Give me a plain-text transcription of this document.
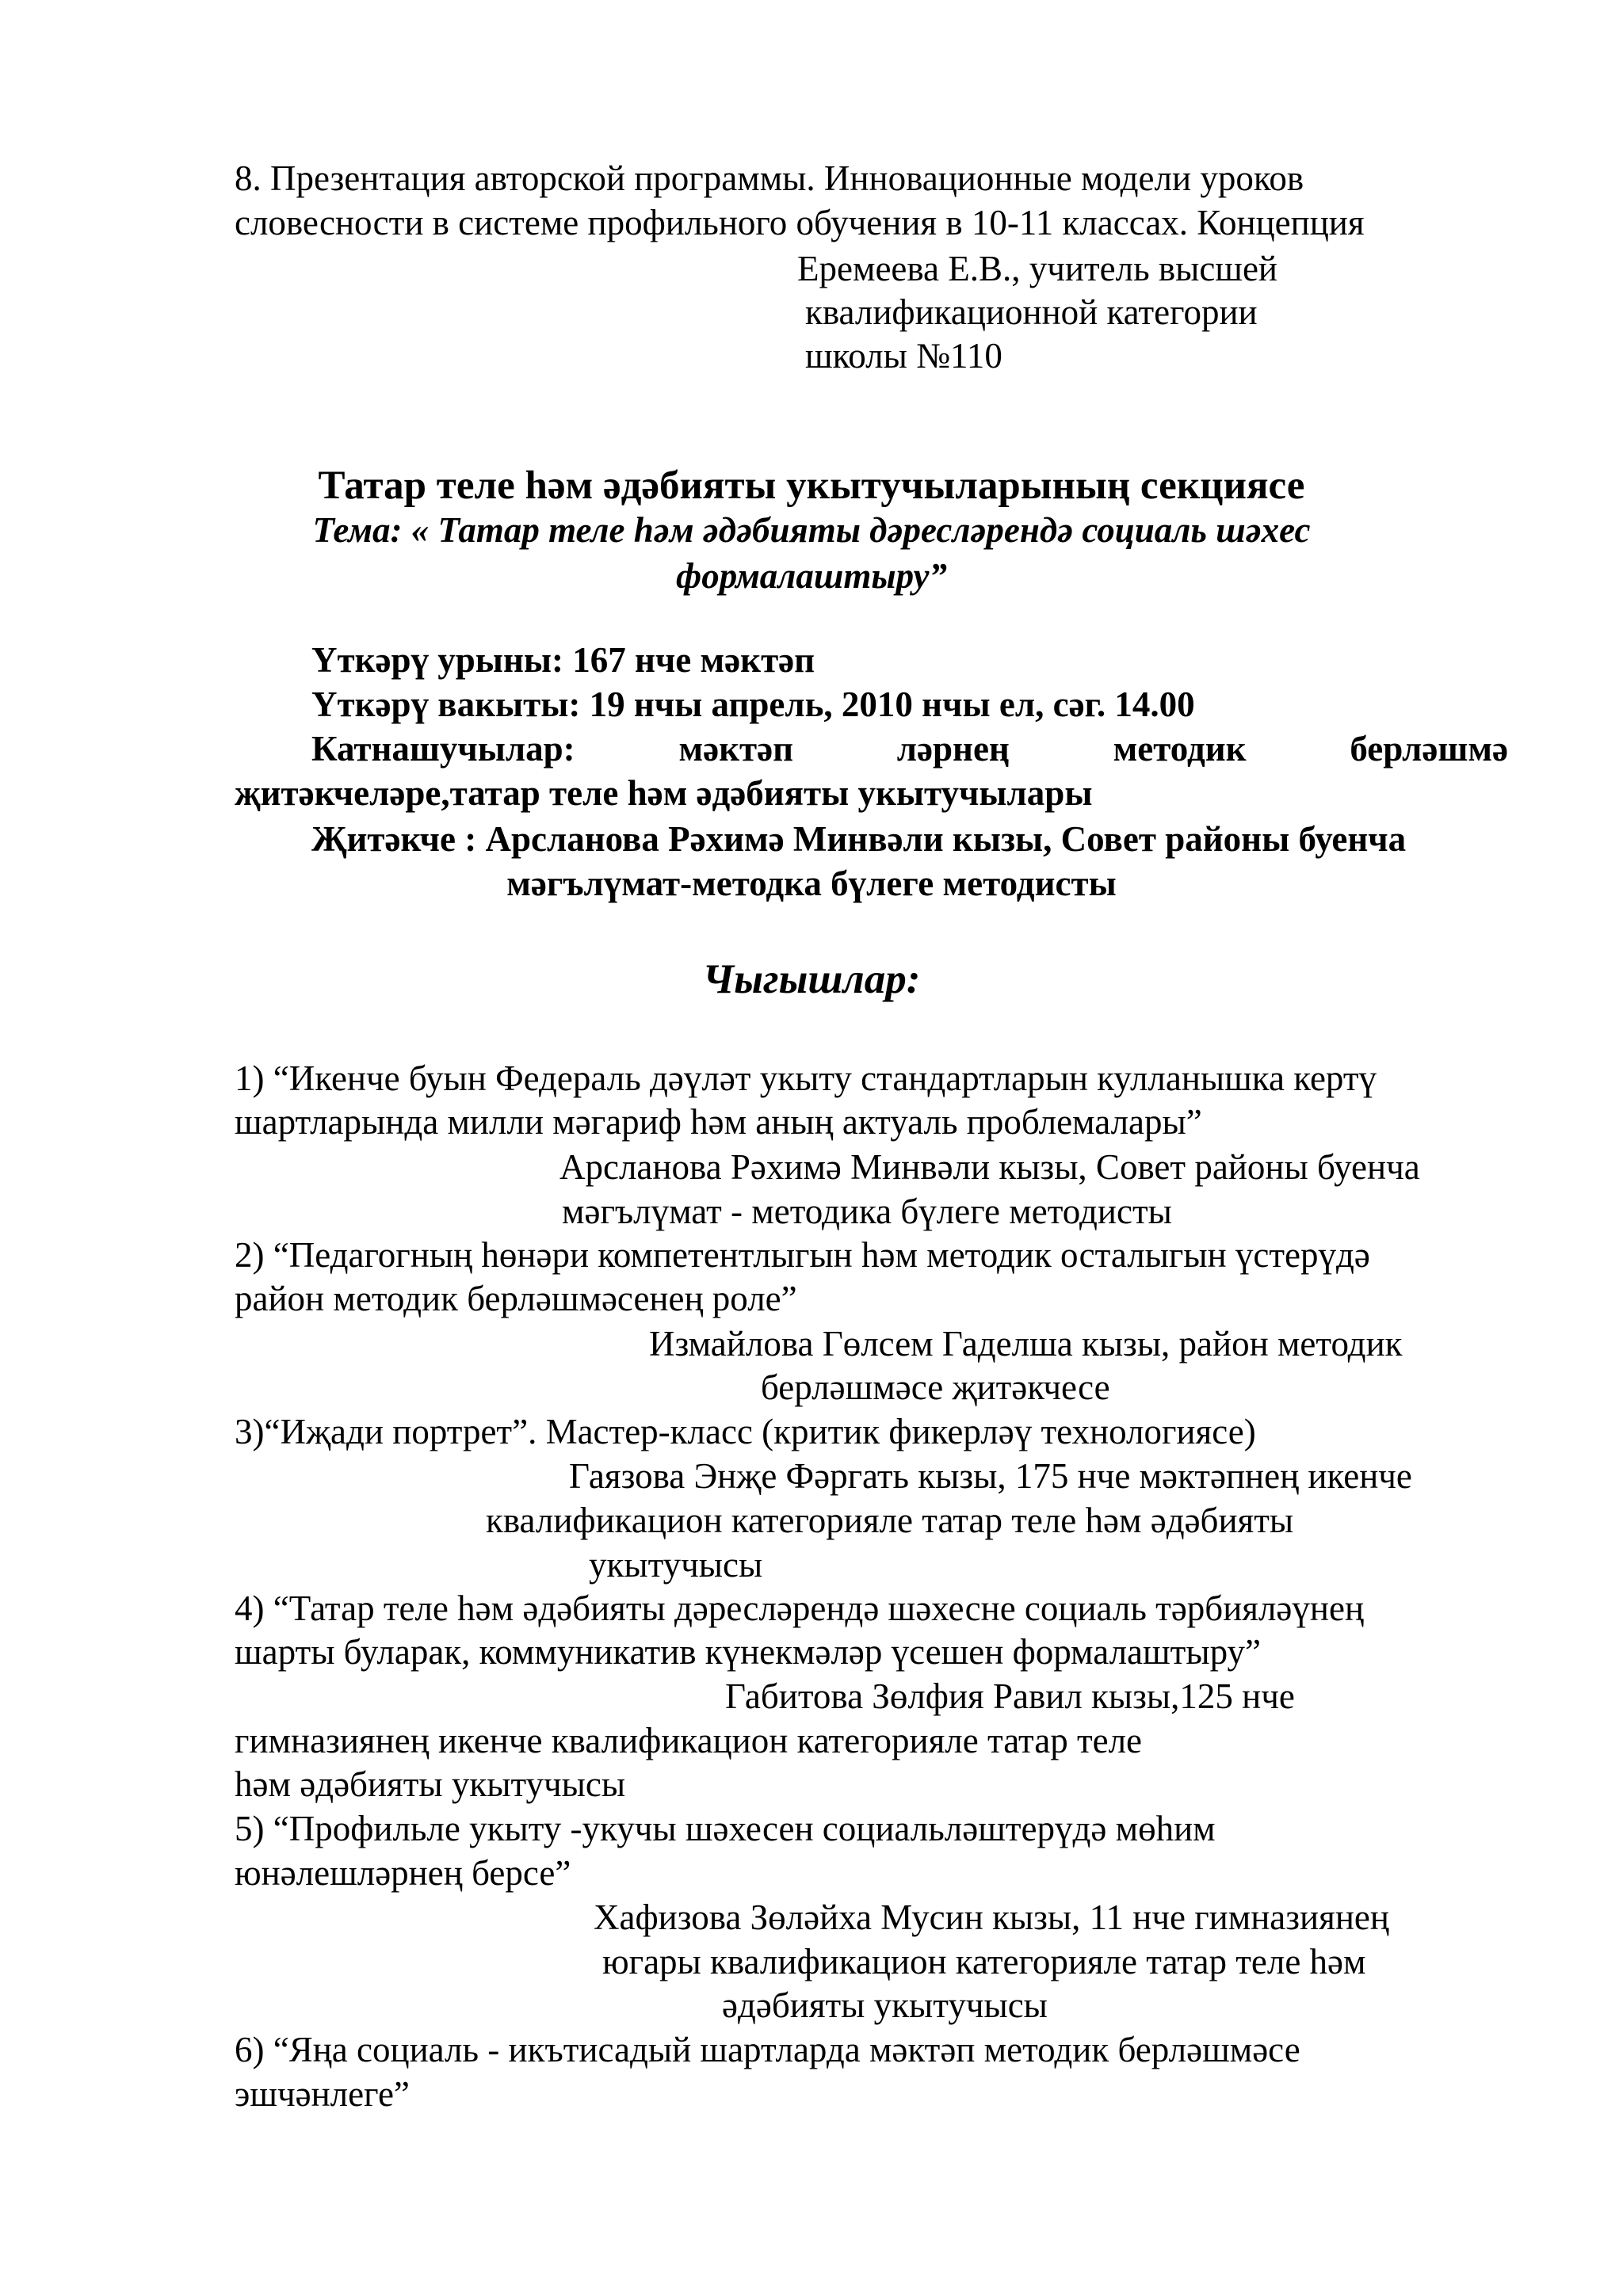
8. Презентация авторской программы. Инновационные модели уроков
словесности в системе профильного обучения в 10-11 классах. Концепция
Еремеева Е.В., учитель высшей
квалификационной категории
школы №110
Татар теле һәм әдәбияты укытучыларының секциясе
Тема: « Татар теле һәм әдәбияты дәресләрендә социаль шәхес
формалаштыру”
Үткәрү урыны: 167 нче мәктәп
Үткәрү вакыты: 19 нчы апрель, 2010 нчы ел, сәг. 14.00
Катнашучылар:	мәктәп	ләрнең	методик	берләшмә
җитәкчеләре,татар теле һәм әдәбияты укытучылары
Җитәкче : Арсланова Рәхимә Минвәли кызы, Совет районы буенча
мәгълүмат-методка бүлеге методисты
Чыгышлар:
1) “Икенче буын Федераль дәүләт укыту стандартларын кулланышка кертү
шартларында милли мәгариф һәм аның актуаль проблемалары”
Арсланова Рәхимә Минвәли кызы, Совет районы буенча
мәгълүмат - методика бүлеге методисты
2) “Педагогның һөнәри компетентлыгын һәм методик осталыгын үстерүдә
район методик берләшмәсенең роле”
Измайлова Гөлсем Гаделша кызы, район методик
берләшмәсе җитәкчесе
3)“Иҗади портрет”. Мастер-класс (критик фикерләү технологиясе)
Гаязова Энҗе Фәргать кызы, 175 нче мәктәпнең икенче
квалификацион категорияле татар теле һәм әдәбияты
укытучысы
4) “Татар теле һәм әдәбияты дәресләрендә шәхесне социаль тәрбияләүнең
шарты буларак, коммуникатив күнекмәләр үсешен формалаштыру”
Габитова Зөлфия Равил кызы,125 нче
гимназиянең икенче квалификацион категорияле татар теле
һәм әдәбияты укытучысы
5) “Профильле укыту -укучы шәхесен социальләштерүдә мөһим
юнәлешләрнең берсе”
Хафизова Зөләйха Мусин кызы, 11 нче гимназиянең
югары квалификацион категорияле татар теле һәм
әдәбияты укытучысы
6) “Яңа социаль - икътисадый шартларда мәктәп методик берләшмәсе
эшчәнлеге”
